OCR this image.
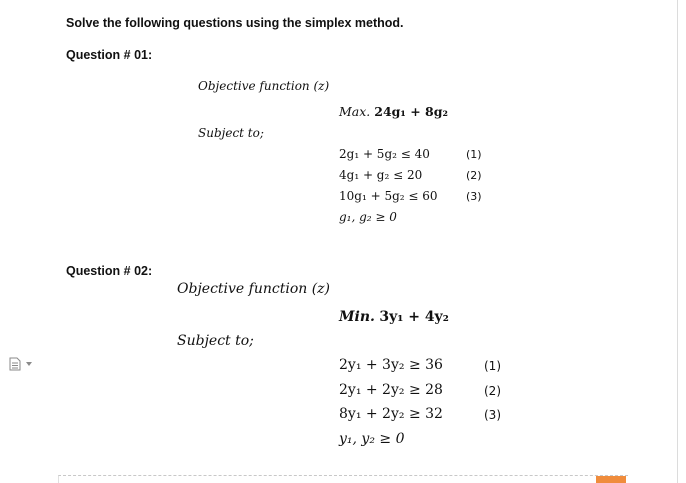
Solve the following questions using the simplex method.
Question # 01:
Objective function (z)
Max. 24g₁ + 8g₂
Subject to;
2g₁ + 5g₂ ≤ 40	(1)
4g₁ + g₂ ≤ 20	(2)
10g₁ + 5g₂ ≤ 60	(3)
g₁, g₂ ≥ 0
Question # 02:
Objective function (z)
Min. 3y₁ + 4y₂
Subject to;
2y₁ + 3y₂ ≥ 36	(1)
2y₁ + 2y₂ ≥ 28	(2)
8y₁ + 2y₂ ≥ 32	(3)
y₁, y₂ ≥ 0
